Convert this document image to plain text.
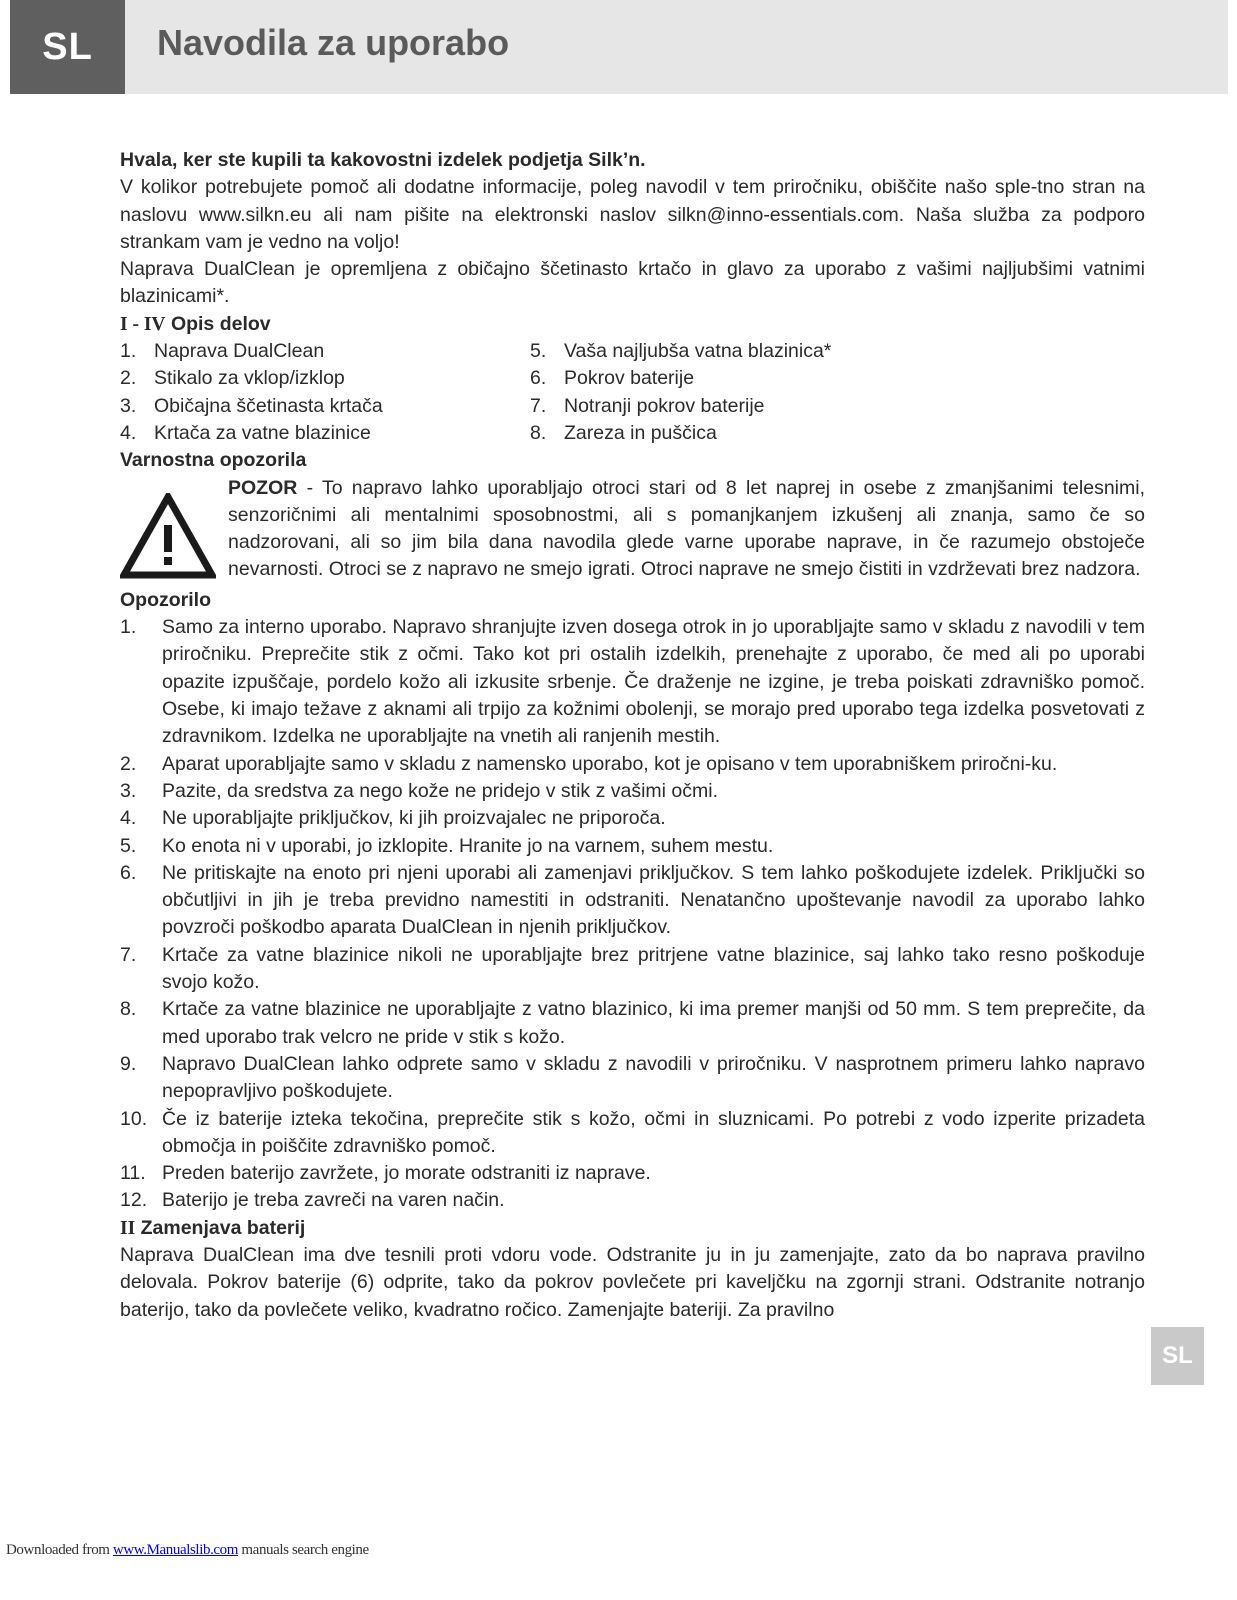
SL	Navodila za uporabo

Hvala, ker ste kupili ta kakovostni izdelek podjetja Silk’n.

V kolikor potrebujete pomoč ali dodatne informacije, poleg navodil v tem priročniku, obiščite našo sple-tno stran na naslovu www.silkn.eu ali nam pišite na elektronski naslov silkn@inno-essentials.com. Naša služba za podporo strankam vam je vedno na voljo!

Naprava DualClean je opremljena z običajno ščetinasto krtačo in glavo za uporabo z vašimi najljubšimi vatnimi blazinicami*.

I - IV Opis delov

1. Naprava DualClean	5. Vaša najljubša vatna blazinica*
2. Stikalo za vklop/izklop	6. Pokrov baterije
3. Običajna ščetinasta krtača	7. Notranji pokrov baterije
4. Krtača za vatne blazinice	8. Zareza in puščica

Varnostna opozorila

POZOR - To napravo lahko uporabljajo otroci stari od 8 let naprej in osebe z zmanjšanimi telesnimi, senzoričnimi ali mentalnimi sposobnostmi, ali s pomanjkanjem izkušenj ali znanja, samo če so nadzorovani, ali so jim bila dana navodila glede varne uporabe naprave, in če razumejo obstoječe nevarnosti. Otroci se z napravo ne smejo igrati. Otroci naprave ne smejo čistiti in vzdrževati brez nadzora.

Opozorilo

1.	Samo za interno uporabo. Napravo shranjujte izven dosega otrok in jo uporabljajte samo v skladu z navodili v tem priročniku. Preprečite stik z očmi. Tako kot pri ostalih izdelkih, prenehajte z uporabo, če med ali po uporabi opazite izpuščaje, pordelo kožo ali izkusite srbenje. Če draženje ne izgine, je treba poiskati zdravniško pomoč. Osebe, ki imajo težave z aknami ali trpijo za kožnimi obolenji, se morajo pred uporabo tega izdelka posvetovati z zdravnikom. Izdelka ne uporabljajte na vnetih ali ranjenih mestih.
2.	Aparat uporabljajte samo v skladu z namensko uporabo, kot je opisano v tem uporabniškem priročni-ku.
3.	Pazite, da sredstva za nego kože ne pridejo v stik z vašimi očmi.
4.	Ne uporabljajte priključkov, ki jih proizvajalec ne priporoča.
5.	Ko enota ni v uporabi, jo izklopite. Hranite jo na varnem, suhem mestu.
6.	Ne pritiskajte na enoto pri njeni uporabi ali zamenjavi priključkov. S tem lahko poškodujete izdelek. Priključki so občutljivi in jih je treba previdno namestiti in odstraniti. Nenatančno upoštevanje navodil za uporabo lahko povzroči poškodbo aparata DualClean in njenih priključkov.
7.	Krtače za vatne blazinice nikoli ne uporabljajte brez pritrjene vatne blazinice, saj lahko tako resno poškoduje svojo kožo.
8.	Krtače za vatne blazinice ne uporabljajte z vatno blazinico, ki ima premer manjši od 50 mm. S tem preprečite, da med uporabo trak velcro ne pride v stik s kožo.
9.	Napravo DualClean lahko odprete samo v skladu z navodili v priročniku. V nasprotnem primeru lahko napravo nepopravljivo poškodujete.
10. Če iz baterije izteka tekočina, preprečite stik s kožo, očmi in sluznicami. Po potrebi z vodo izperite prizadeta območja in poiščite zdravniško pomoč.
11. Preden baterijo zavržete, jo morate odstraniti iz naprave.
12. Baterijo je treba zavreči na varen način.

II Zamenjava baterij

Naprava DualClean ima dve tesnili proti vdoru vode. Odstranite ju in ju zamenjajte, zato da bo naprava pravilno delovala. Pokrov baterije (6) odprite, tako da pokrov povlečete pri kaveljčku na zgornji strani. Odstranite notranjo baterijo, tako da povlečete veliko, kvadratno ročico. Zamenjajte bateriji. Za pravilno

SL
Downloaded from www.Manualslib.com manuals search engine
